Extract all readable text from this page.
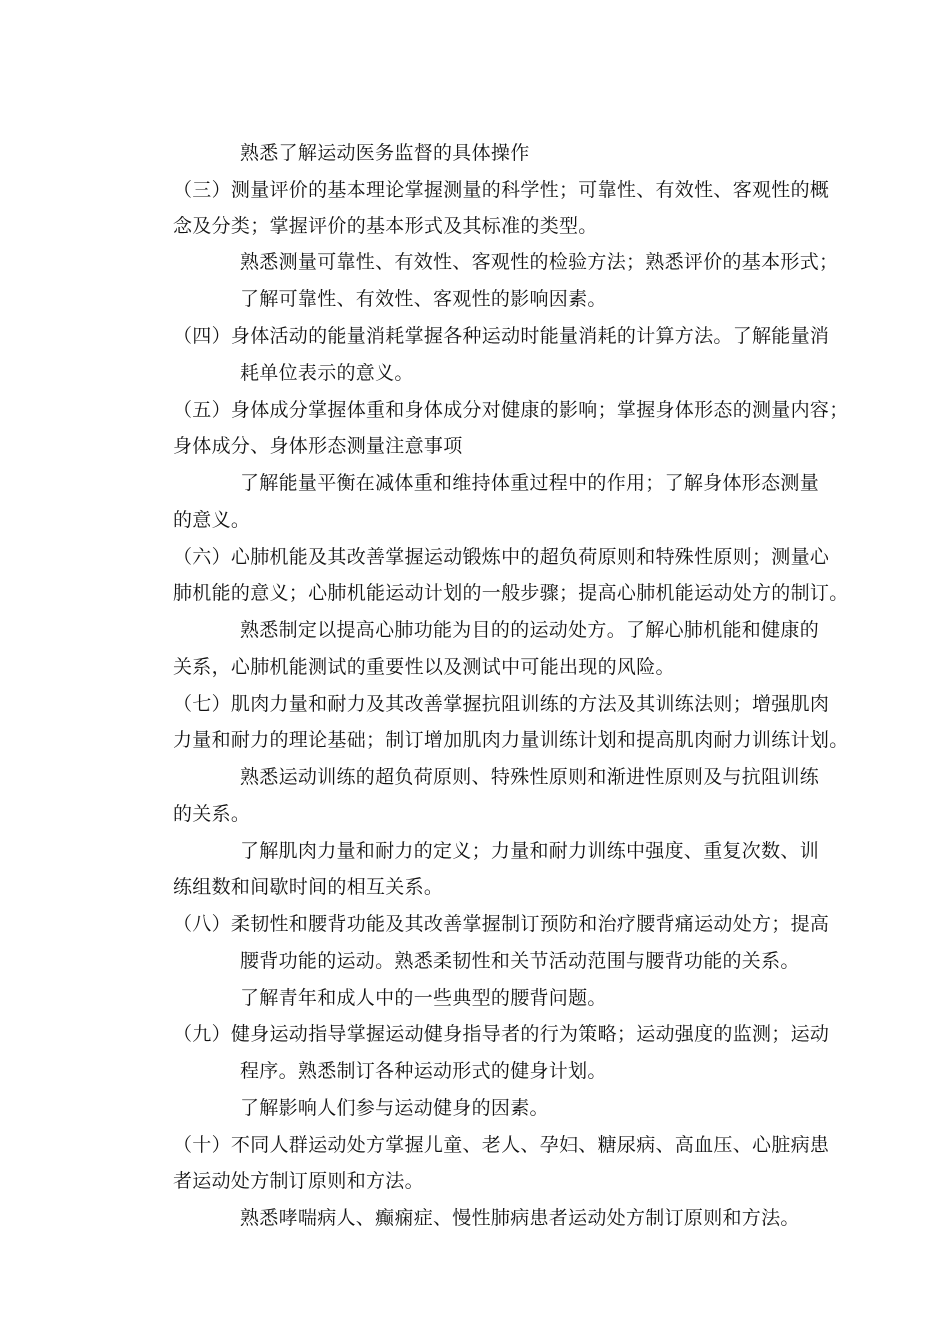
熟悉了解运动医务监督的具体操作
（三）测量评价的基本理论掌握测量的科学性；可靠性、有效性、客观性的概
念及分类；掌握评价的基本形式及其标准的类型。
熟悉测量可靠性、有效性、客观性的检验方法；熟悉评价的基本形式；
了解可靠性、有效性、客观性的影响因素。
（四）身体活动的能量消耗掌握各种运动时能量消耗的计算方法。了解能量消
耗单位表示的意义。
（五）身体成分掌握体重和身体成分对健康的影响；掌握身体形态的测量内容；
身体成分、身体形态测量注意事项
了解能量平衡在减体重和维持体重过程中的作用；了解身体形态测量
的意义。
（六）心肺机能及其改善掌握运动锻炼中的超负荷原则和特殊性原则；测量心
肺机能的意义；心肺机能运动计划的一般步骤；提高心肺机能运动处方的制订。
熟悉制定以提高心肺功能为目的的运动处方。了解心肺机能和健康的
关系，心肺机能测试的重要性以及测试中可能出现的风险。
（七）肌肉力量和耐力及其改善掌握抗阻训练的方法及其训练法则；增强肌肉
力量和耐力的理论基础；制订增加肌肉力量训练计划和提高肌肉耐力训练计划。
熟悉运动训练的超负荷原则、特殊性原则和渐进性原则及与抗阻训练
的关系。
了解肌肉力量和耐力的定义；力量和耐力训练中强度、重复次数、训
练组数和间歇时间的相互关系。
（八）柔韧性和腰背功能及其改善掌握制订预防和治疗腰背痛运动处方；提高
腰背功能的运动。熟悉柔韧性和关节活动范围与腰背功能的关系。
了解青年和成人中的一些典型的腰背问题。
（九）健身运动指导掌握运动健身指导者的行为策略；运动强度的监测；运动
程序。熟悉制订各种运动形式的健身计划。
了解影响人们参与运动健身的因素。
（十）不同人群运动处方掌握儿童、老人、孕妇、糖尿病、高血压、心脏病患
者运动处方制订原则和方法。
熟悉哮喘病人、癫痫症、慢性肺病患者运动处方制订原则和方法。
